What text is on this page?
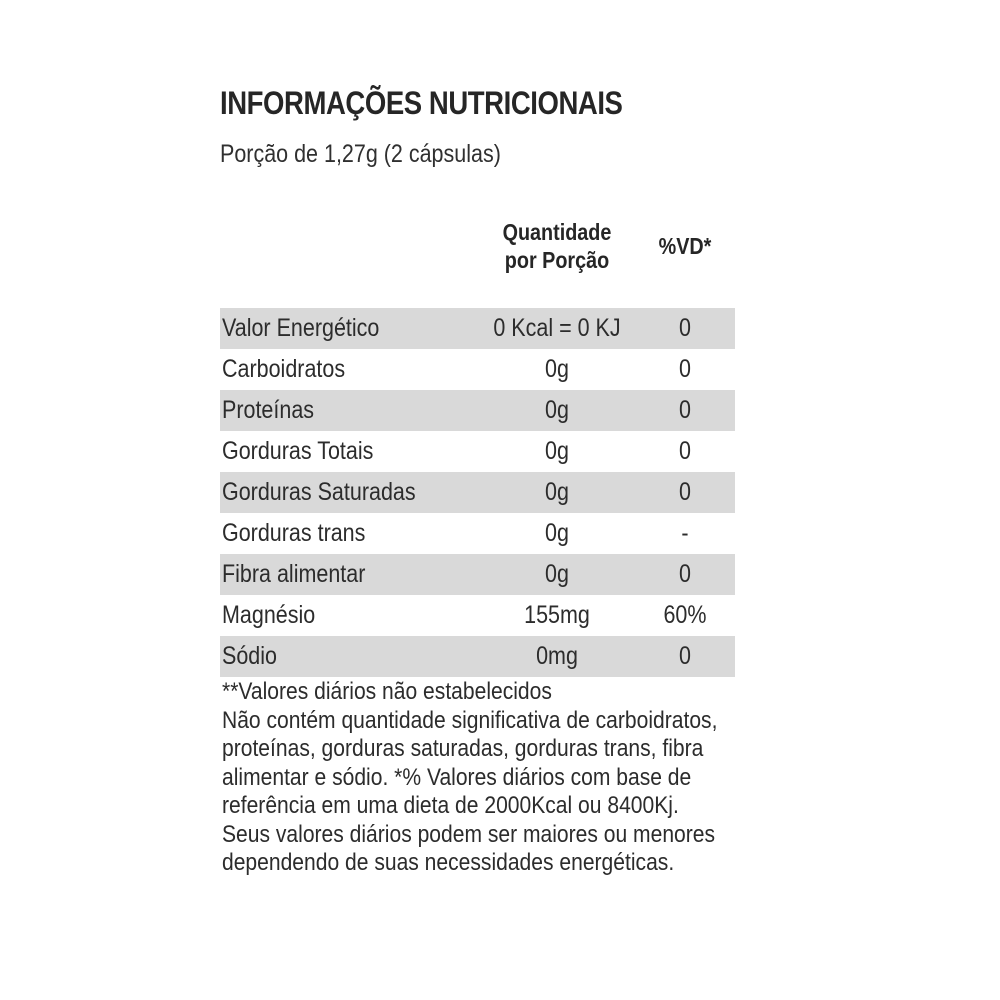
INFORMAÇÕES NUTRICIONAIS
Porção de 1,27g (2 cápsulas)
Quantidade
por Porção
%VD*
Valor Energético	0 Kcal = 0 KJ	0
Carboidratos	0g	0
Proteínas	0g	0
Gorduras Totais	0g	0
Gorduras Saturadas	0g	0
Gorduras trans	0g	-
Fibra alimentar	0g	0
Magnésio	155mg	60%
Sódio	0mg	0
**Valores diários não estabelecidos
Não contém quantidade significativa de carboidratos,
proteínas, gorduras saturadas, gorduras trans, fibra
alimentar e sódio. *% Valores diários com base de
referência em uma dieta de 2000Kcal ou 8400Kj.
Seus valores diários podem ser maiores ou menores
dependendo de suas necessidades energéticas.
